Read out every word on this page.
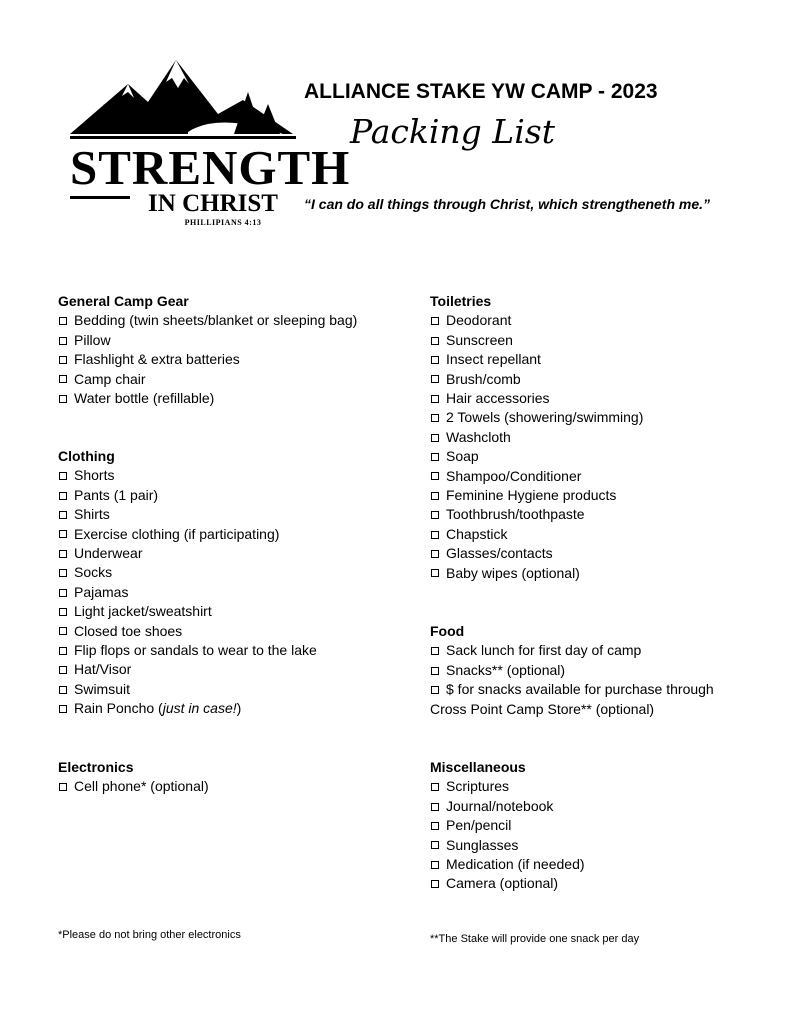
STRENGTH
IN CHRIST
PHILLIPIANS 4:13
ALLIANCE STAKE YW CAMP - 2023
Packing List
“I can do all things through Christ, which strengtheneth me.”
General Camp Gear
Bedding (twin sheets/blanket or sleeping bag)
Pillow
Flashlight & extra batteries
Camp chair
Water bottle (refillable)
Clothing
Shorts
Pants (1 pair)
Shirts
Exercise clothing (if participating)
Underwear
Socks
Pajamas
Light jacket/sweatshirt
Closed toe shoes
Flip flops or sandals to wear to the lake
Hat/Visor
Swimsuit
Rain Poncho (just in case!)
Electronics
Cell phone* (optional)
Toiletries
Deodorant
Sunscreen
Insect repellant
Brush/comb
Hair accessories
2 Towels (showering/swimming)
Washcloth
Soap
Shampoo/Conditioner
Feminine Hygiene products
Toothbrush/toothpaste
Chapstick
Glasses/contacts
Baby wipes (optional)
Food
Sack lunch for first day of camp
Snacks** (optional)
$ for snacks available for purchase through
Cross Point Camp Store** (optional)
Miscellaneous
Scriptures
Journal/notebook
Pen/pencil
Sunglasses
Medication (if needed)
Camera (optional)
*Please do not bring other electronics	**The Stake will provide one snack per day
